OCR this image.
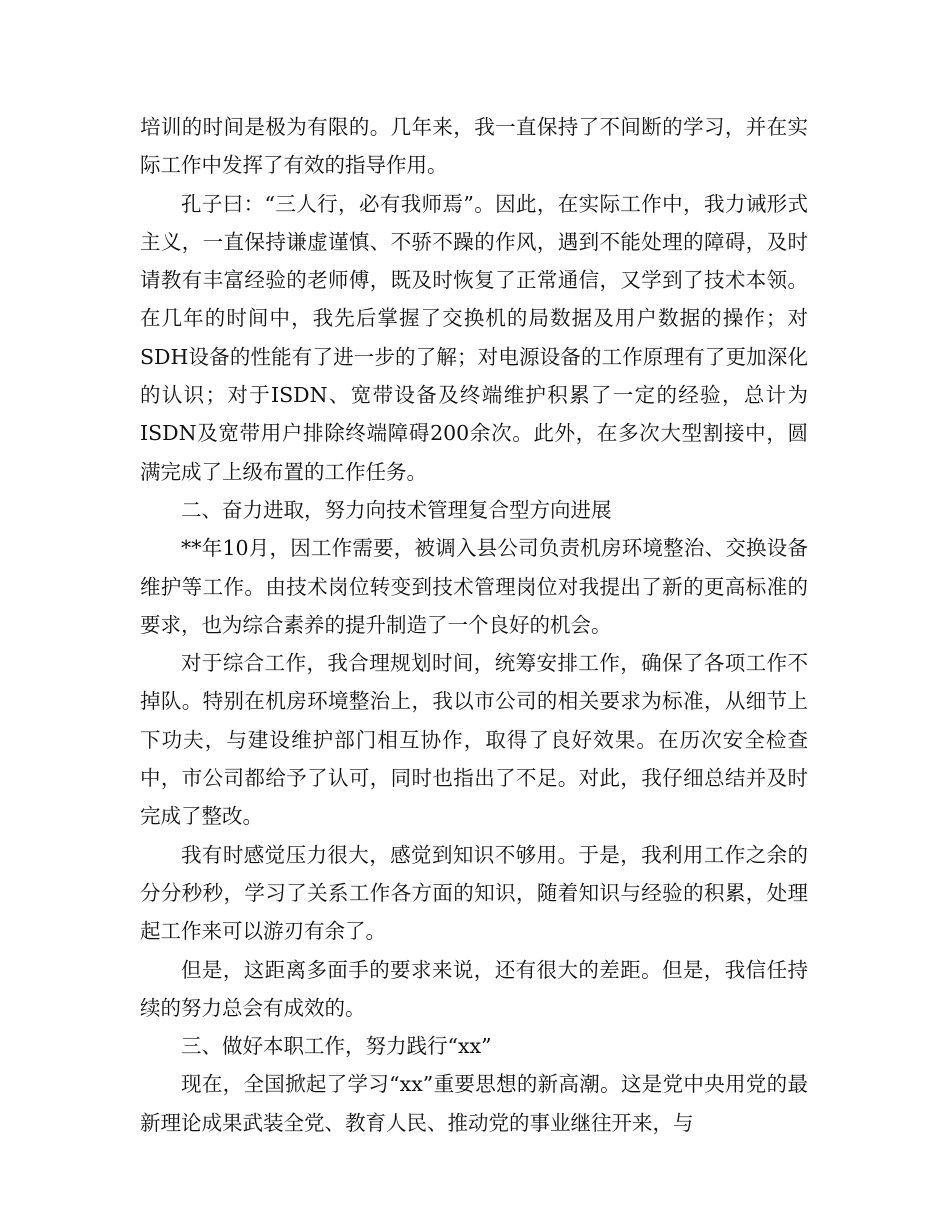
培训的时间是极为有限的。几年来，我一直保持了不间断的学习，并在实际工作中发挥了有效的指导作用。

孔子曰：“三人行，必有我师焉”。因此，在实际工作中，我力诫形式主义，一直保持谦虚谨慎、不骄不躁的作风，遇到不能处理的障碍，及时请教有丰富经验的老师傅，既及时恢复了正常通信，又学到了技术本领。在几年的时间中，我先后掌握了交换机的局数据及用户数据的操作；对SDH设备的性能有了进一步的了解；对电源设备的工作原理有了更加深化的认识；对于ISDN、宽带设备及终端维护积累了一定的经验，总计为ISDN及宽带用户排除终端障碍200余次。此外，在多次大型割接中，圆满完成了上级布置的工作任务。

二、奋力进取，努力向技术管理复合型方向进展

**年10月，因工作需要，被调入县公司负责机房环境整治、交换设备维护等工作。由技术岗位转变到技术管理岗位对我提出了新的更高标准的要求，也为综合素养的提升制造了一个良好的机会。

对于综合工作，我合理规划时间，统筹安排工作，确保了各项工作不掉队。特别在机房环境整治上，我以市公司的相关要求为标准，从细节上下功夫，与建设维护部门相互协作，取得了良好效果。在历次安全检查中，市公司都给予了认可，同时也指出了不足。对此，我仔细总结并及时完成了整改。

我有时感觉压力很大，感觉到知识不够用。于是，我利用工作之余的分分秒秒，学习了关系工作各方面的知识，随着知识与经验的积累，处理起工作来可以游刃有余了。

但是，这距离多面手的要求来说，还有很大的差距。但是，我信任持续的努力总会有成效的。

三、做好本职工作，努力践行“xx”

现在，全国掀起了学习“xx”重要思想的新高潮。这是党中央用党的最新理论成果武装全党、教育人民、推动党的事业继往开来，与
